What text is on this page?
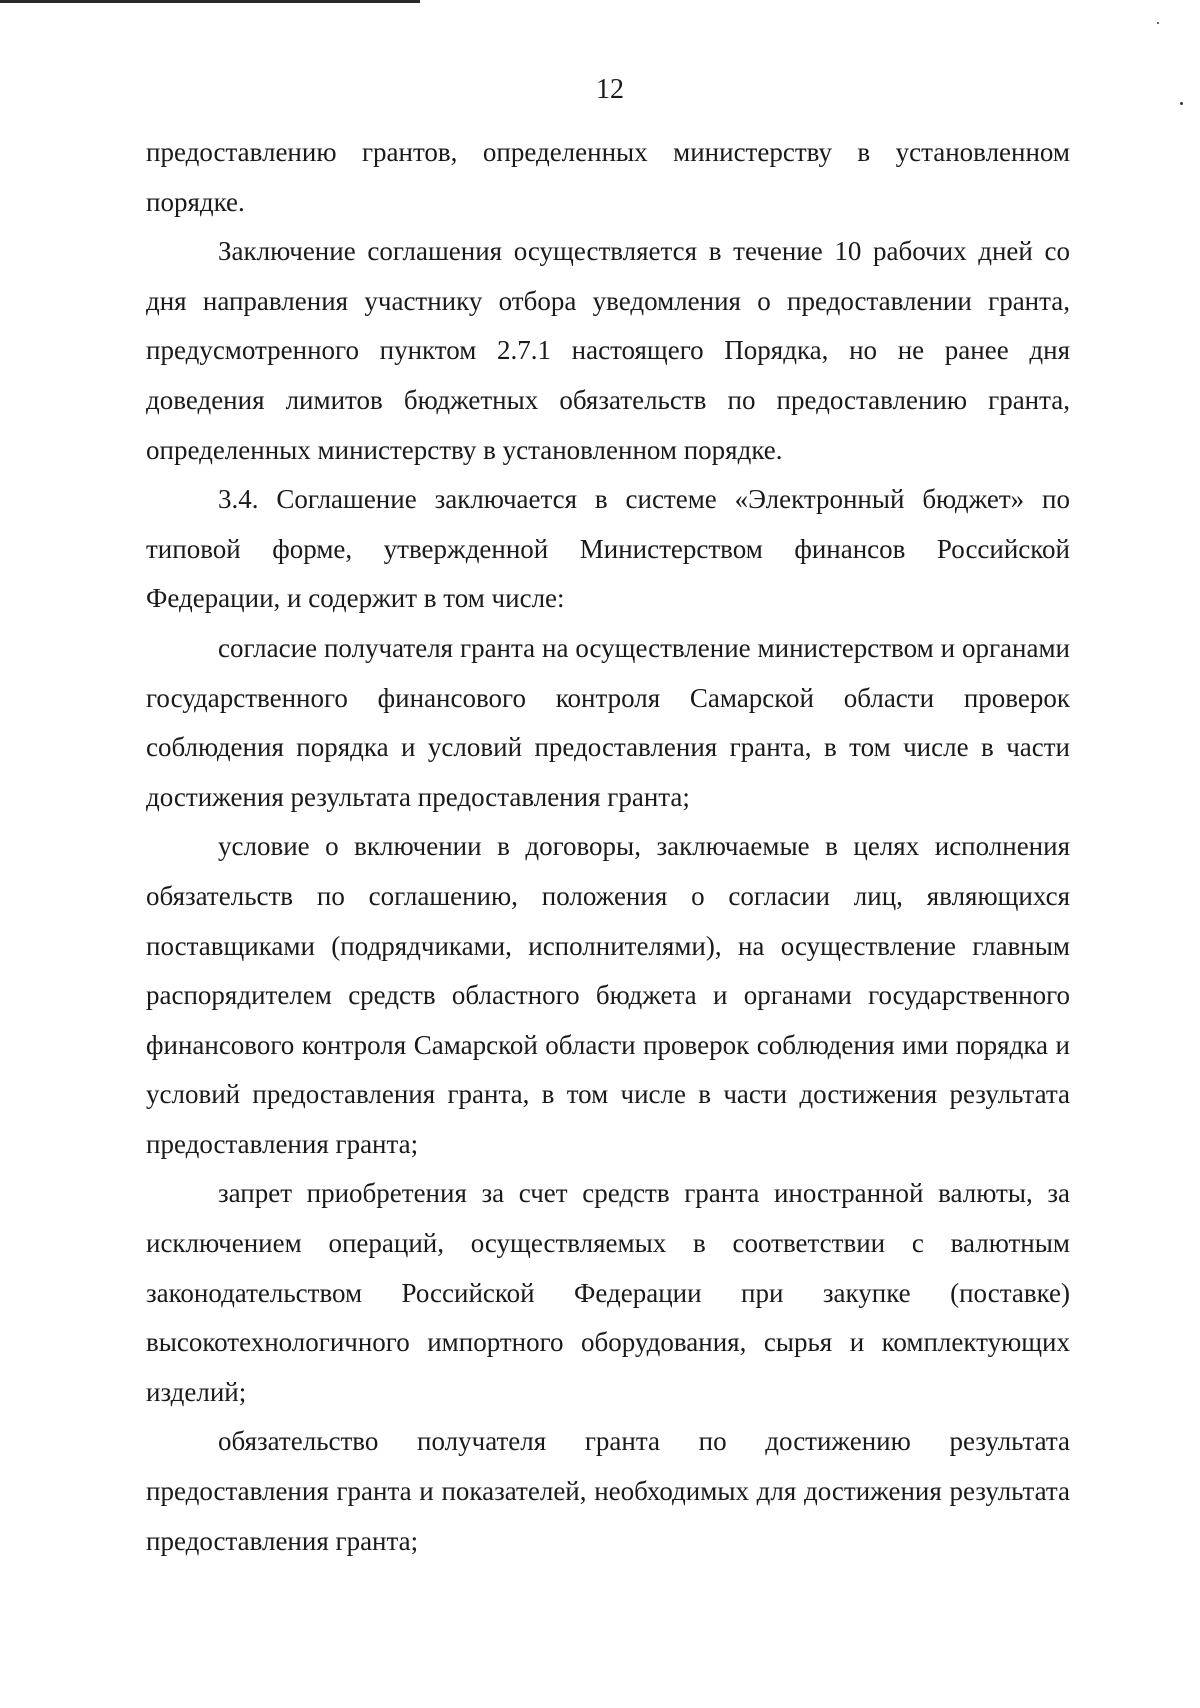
12

предоставлению грантов, определенных министерству в установленном порядке.

Заключение соглашения осуществляется в течение 10 рабочих дней со дня направления участнику отбора уведомления о предоставлении гранта, предусмотренного пунктом 2.7.1 настоящего Порядка, но не ранее дня доведения лимитов бюджетных обязательств по предоставлению гранта, определенных министерству в установленном порядке.

3.4. Соглашение заключается в системе «Электронный бюджет» по типовой форме, утвержденной Министерством финансов Российской Федерации, и содержит в том числе:

согласие получателя гранта на осуществление министерством и органами государственного финансового контроля Самарской области проверок соблюдения порядка и условий предоставления гранта, в том числе в части достижения результата предоставления гранта;

условие о включении в договоры, заключаемые в целях исполнения обязательств по соглашению, положения о согласии лиц, являющихся поставщиками (подрядчиками, исполнителями), на осуществление главным распорядителем средств областного бюджета и органами государственного финансового контроля Самарской области проверок соблюдения ими порядка и условий предоставления гранта, в том числе в части достижения результата предоставления гранта;

запрет приобретения за счет средств гранта иностранной валюты, за исключением операций, осуществляемых в соответствии с валютным законодательством Российской Федерации при закупке (поставке) высокотехнологичного импортного оборудования, сырья и комплектующих изделий;

обязательство получателя гранта по достижению результата предоставления гранта и показателей, необходимых для достижения результата предоставления гранта;
